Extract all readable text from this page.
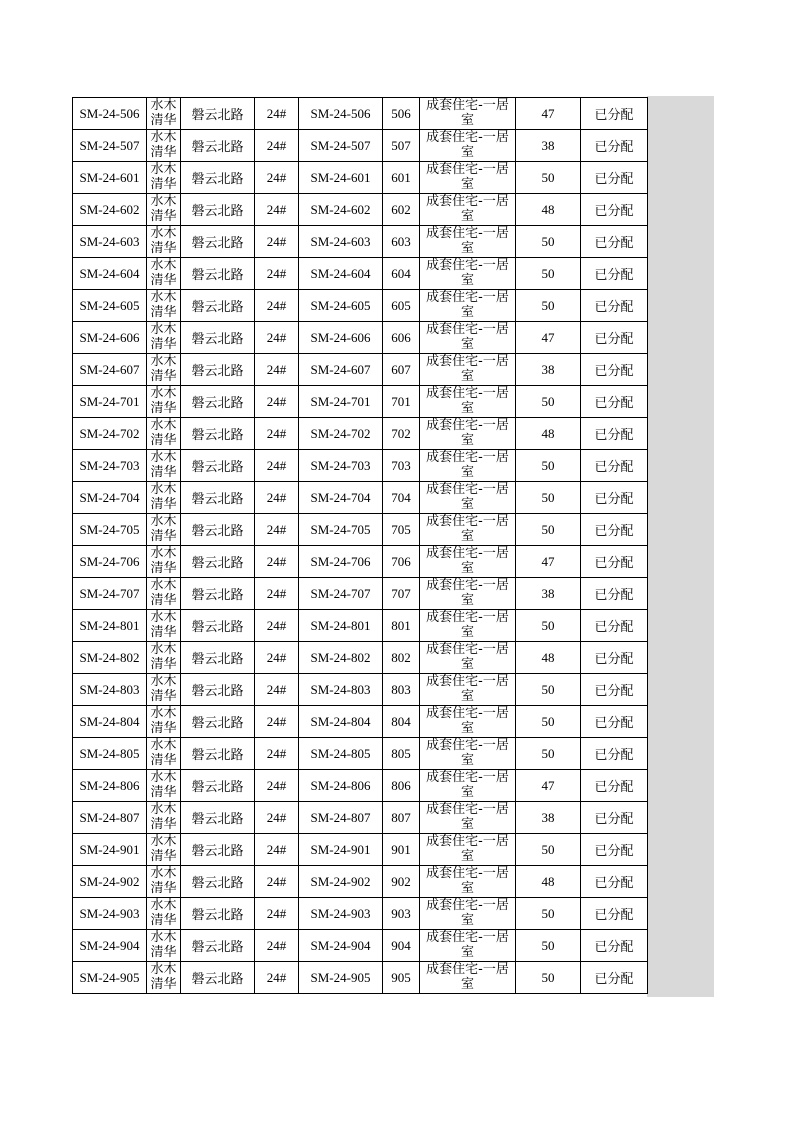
SM-24-506	水木清华	磐云北路	24#	SM-24-506	506	成套住宅-一居室	47	已分配
SM-24-507	水木清华	磐云北路	24#	SM-24-507	507	成套住宅-一居室	38	已分配
SM-24-601	水木清华	磐云北路	24#	SM-24-601	601	成套住宅-一居室	50	已分配
SM-24-602	水木清华	磐云北路	24#	SM-24-602	602	成套住宅-一居室	48	已分配
SM-24-603	水木清华	磐云北路	24#	SM-24-603	603	成套住宅-一居室	50	已分配
SM-24-604	水木清华	磐云北路	24#	SM-24-604	604	成套住宅-一居室	50	已分配
SM-24-605	水木清华	磐云北路	24#	SM-24-605	605	成套住宅-一居室	50	已分配
SM-24-606	水木清华	磐云北路	24#	SM-24-606	606	成套住宅-一居室	47	已分配
SM-24-607	水木清华	磐云北路	24#	SM-24-607	607	成套住宅-一居室	38	已分配
SM-24-701	水木清华	磐云北路	24#	SM-24-701	701	成套住宅-一居室	50	已分配
SM-24-702	水木清华	磐云北路	24#	SM-24-702	702	成套住宅-一居室	48	已分配
SM-24-703	水木清华	磐云北路	24#	SM-24-703	703	成套住宅-一居室	50	已分配
SM-24-704	水木清华	磐云北路	24#	SM-24-704	704	成套住宅-一居室	50	已分配
SM-24-705	水木清华	磐云北路	24#	SM-24-705	705	成套住宅-一居室	50	已分配
SM-24-706	水木清华	磐云北路	24#	SM-24-706	706	成套住宅-一居室	47	已分配
SM-24-707	水木清华	磐云北路	24#	SM-24-707	707	成套住宅-一居室	38	已分配
SM-24-801	水木清华	磐云北路	24#	SM-24-801	801	成套住宅-一居室	50	已分配
SM-24-802	水木清华	磐云北路	24#	SM-24-802	802	成套住宅-一居室	48	已分配
SM-24-803	水木清华	磐云北路	24#	SM-24-803	803	成套住宅-一居室	50	已分配
SM-24-804	水木清华	磐云北路	24#	SM-24-804	804	成套住宅-一居室	50	已分配
SM-24-805	水木清华	磐云北路	24#	SM-24-805	805	成套住宅-一居室	50	已分配
SM-24-806	水木清华	磐云北路	24#	SM-24-806	806	成套住宅-一居室	47	已分配
SM-24-807	水木清华	磐云北路	24#	SM-24-807	807	成套住宅-一居室	38	已分配
SM-24-901	水木清华	磐云北路	24#	SM-24-901	901	成套住宅-一居室	50	已分配
SM-24-902	水木清华	磐云北路	24#	SM-24-902	902	成套住宅-一居室	48	已分配
SM-24-903	水木清华	磐云北路	24#	SM-24-903	903	成套住宅-一居室	50	已分配
SM-24-904	水木清华	磐云北路	24#	SM-24-904	904	成套住宅-一居室	50	已分配
SM-24-905	水木清华	磐云北路	24#	SM-24-905	905	成套住宅-一居室	50	已分配
